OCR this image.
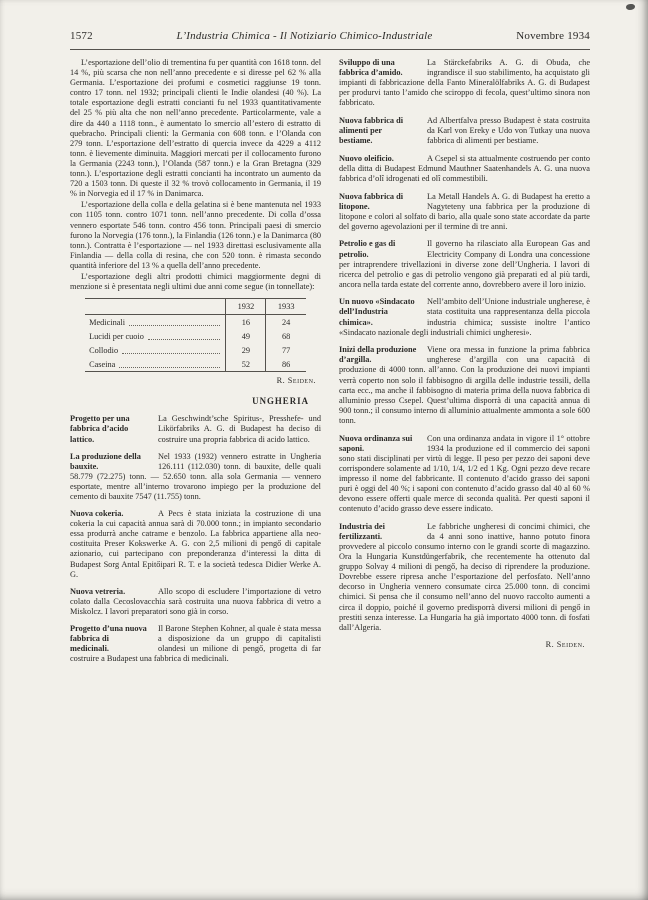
1572	L’Industria Chimica - Il Notiziario Chimico-Industriale	Novembre 1934

L’esportazione dell’olio di trementina fu per quantità con 1618 tonn. del 14 %, più scarsa che non nell’anno precedente e si diresse pel 62 % alla Germania. L’esportazione dei profumi e cosmetici raggiunse 19 tonn. contro 17 tonn. nel 1932; principali clienti le Indie olandesi (40 %). La totale esportazione degli estratti concianti fu nel 1933 quantitativamente del 25 % più alta che non nell’anno precedente. Particolarmente, vale a dire da 440 a 1118 tonn., è aumentato lo smercio all’estero di estratto di quebracho. Principali clienti: la Germania con 608 tonn. e l’Olanda con 279 tonn. L’esportazione dell’estratto di quercia invece da 4229 a 4112 tonn. è lievemente diminuita. Maggiori mercati per il collocamento furono la Germania (2243 tonn.), l’Olanda (587 tonn.) e la Gran Bretagna (329 tonn.). L’esportazione degli estratti concianti ha incontrato un aumento da 720 a 1503 tonn. Di queste il 32 % trovò collocamento in Germania, il 19 % in Norvegia ed il 17 % in Danimarca.

L’esportazione della colla e della gelatina si è bene mantenuta nel 1933 con 1105 tonn. contro 1071 tonn. nell’anno precedente. Di colla d’ossa vennero esportate 546 tonn. contro 456 tonn. Principali paesi di smercio furono la Norvegia (176 tonn.), la Finlandia (126 tonn.) e la Danimarca (80 tonn.). Contratta è l’esportazione — nel 1933 direttasi esclusivamente alla Finlandia — della colla di resina, che con 520 tonn. è rimasta secondo quantità inferiore del 13 % a quella dell’anno precedente.

L’esportazione degli altri prodotti chimici maggiormente degni di menzione si è presentata negli ultimi due anni come segue (in tonnellate):

	1932	1933

Medicinali	16	24

Lucidi per cuoio	49	68

Collodio	29	77

Caseina	52	86
R. Seiden.
UNGHERIA
Progetto per una fabbrica d’acido lattico.
La Geschwindt’sche Spiritus-, Presshefe- und Likörfabriks A. G. di Budapest ha deciso di costruire una propria fabbrica di acido lattico.
La produzione della bauxite.
Nel 1933 (1932) vennero estratte in Ungheria 126.111 (112.030) tonn. di bauxite, delle quali 58.779 (72.275) tonn. — 52.650 tonn. alla sola Germania — vennero esportate, mentre all’interno trovarono impiego per la produzione del cemento di bauxite 7547 (11.755) tonn.
Nuova cokeria.	A Pecs è stata iniziata la costruzione di una cokeria la cui capacità annua sarà di 70.000 tonn.; in impianto secondario essa produrrà anche catrame e benzolo. La fabbrica appartiene alla neo-costituita Preser Kokswerke A. G. con 2,5 milioni di pengő di capitale azionario, cui partecipano con preponderanza d’interessi la ditta di Budapest Sorg Antal Epitőipari R. T. e la società tedesca Didier Werke A. G.
Nuova vetreria.	Allo scopo di escludere l’importazione di vetro colato dalla Cecoslovacchia sarà costruita una nuova fabbrica di vetro a Miskolcz. I lavori preparatori sono già in corso.
Progetto d’una nuova fabbrica di medicinali.
Il Barone Stephen Kohner, al quale è stata messa a disposizione da un gruppo di capitalisti olandesi un milione di pengő, progetta di far costruire a Budapest una fabbrica di medicinali.
Sviluppo di una fabbrica d’amido.
La Stärckefabriks A. G. di Obuda, che ingrandisce il suo stabilimento, ha acquistato gli impianti di fabbricazione della Fanto Mineralölfabriks A. G. di Budapest per produrvi tanto l’amido che sciroppo di fecola, quest’ultimo sinora non fabbricato.
Nuova fabbrica di alimenti per bestiame.
Ad Albertfalva presso Budapest è stata costruita da Karl von Ereky e Udo von Tutkay una nuova fabbrica di alimenti per bestiame.
Nuovo oleificio.	A Csepel si sta attualmente costruendo per conto della ditta di Budapest Edmund Mauthner Saatenhandels A. G. una nuova fabbrica d’olî idrogenati ed olî commestibili.
Nuova fabbrica di litopone.
La Metall Handels A. G. di Budapest ha eretto a Nagyteteny una fabbrica per la produzione di litopone e colori al solfato di bario, alla quale sono state accordate da parte del governo agevolazioni per il termine di tre anni.
Petrolio e gas di petrolio.
Il governo ha rilasciato alla European Gas and Electricity Company di Londra una concessione per intraprendere trivellazioni in diverse zone dell’Ungheria. I lavori di ricerca del petrolio e gas di petrolio vengono già preparati ed al più tardi, ancora nella tarda estate del corrente anno, dovrebbero avere il loro inizio.
Un nuovo «Sindacato dell’Industria chimica».
Nell’ambito dell’Unione industriale ungherese, è stata costituita una rappresentanza della piccola industria chimica; sussiste inoltre l’antico «Sindacato nazionale degli industriali chimici ungheresi».
Inizi della produzione d’argilla.
Viene ora messa in funzione la prima fabbrica ungherese d’argilla con una capacità di produzione di 4000 tonn. all’anno. Con la produzione dei nuovi impianti verrà coperto non solo il fabbisogno di argilla delle industrie tessili, della carta ecc., ma anche il fabbisogno di materia prima della nuova fabbrica di alluminio presso Csepel. Quest’ultima disporrà di una capacità annua di 900 tonn.; il consumo interno di alluminio attualmente ammonta a sole 600 tonn.
Nuova ordinanza sui saponi.
Con una ordinanza andata in vigore il 1° ottobre 1934 la produzione ed il commercio dei saponi sono stati disciplinati per virtù di legge. Il peso per pezzo dei saponi deve corrispondere solamente ad 1/10, 1/4, 1/2 ed 1 Kg. Ogni pezzo deve recare impresso il nome del fabbricante. Il contenuto d’acido grasso dei saponi puri è oggi del 40 %; i saponi con contenuto d’acido grasso dal 40 al 60 % devono essere offerti quale merce di seconda qualità. Per questi saponi il contenuto d’acido grasso deve essere indicato.
Industria dei fertilizzanti.
Le fabbriche ungheresi di concimi chimici, che da 4 anni sono inattive, hanno potuto finora provvedere al piccolo consumo interno con le grandi scorte di magazzino. Ora la Hungaria Kunstdüngerfabrik, che recentemente ha ottenuto dal gruppo Solvay 4 milioni di pengő, ha deciso di riprendere la produzione. Dovrebbe essere ripresa anche l’esportazione del perfosfato. Nell’anno decorso in Ungheria vennero consumate circa 25.000 tonn. di concimi chimici. Si pensa che il consumo nell’anno del nuovo raccolto aumenti a circa il doppio, poiché il governo predisporrà diversi milioni di pengő in prestiti senza interesse. La Hungaria ha già importato 4000 tonn. di fosfati dall’Algeria.
R. Seiden.
